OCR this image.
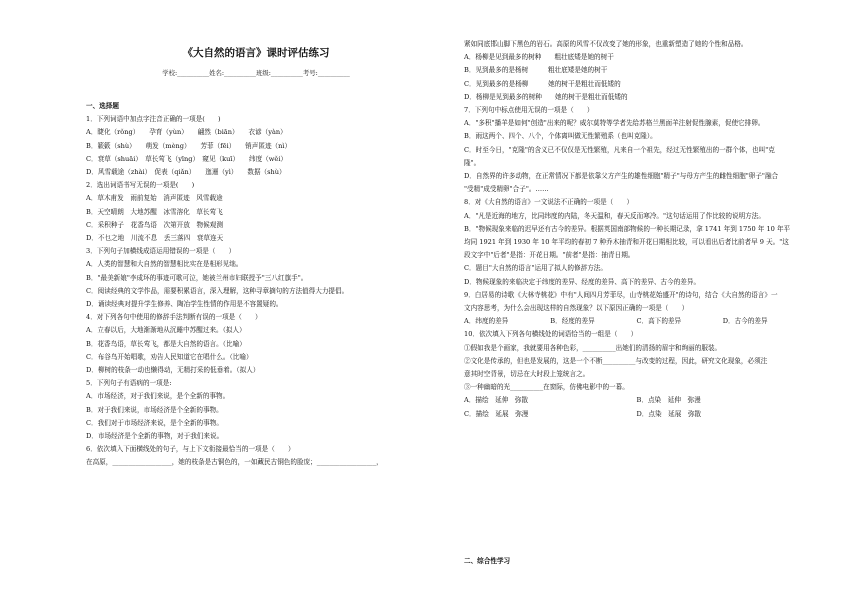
《大自然的语言》课时评估练习
学校:__________姓名:__________班级:__________考号:__________
一、选择题
1．下列词语中加点字注音正确的一项是(　　)
A．睫化（rǒng）　　孕育（yùn）　　翩然（biān）　　衣谚（yàn）
B．簌簌（shù）　　萌发（mèng）　　芳菲（fēi）　　销声匿迹（nì）
C．衰草（shuāi）　草长莺飞（yīng）　窥见（kuī）　　纬度（wěi）
D．风雪载途（zhài）　促表（qiǎn）　　迤逦（yì）　　数据（shù）
2．选出词语书写无误的一项是(　　)
A．草木甫发　雨前复始　消声匿迹　风雪载途
B．天空晴朗　大地苏醒　冰雪溶化　草长莺飞
C．采积种子　花香鸟语　次第开放　物候观测
D．不乜之地　川流不息　丢三落四　衰草连天
3．下列句子加横线成语运用错误的一项是（　　）
A．人类的智慧和大自然的智慧相比实在是相形见绌。
B．"最美新娘"李成环的事迹可歌可泣，她被兰州市妇联授予"三八红旗手"。
C．阅读经典的文学作品，需要积累语言，深入理解，这种寻章摘句的方法值得大力提倡。
D．诵读经典对提升学生修养、陶冶学生性情的作用是不容置疑的。
4．对下列各句中使用的修辞手法判断有误的一项是（　　）
A．立春以后，大地渐渐地从沉睡中苏醒过来。（拟人）
B．花香鸟语，草长莺飞，都是大自然的语言。（比喻）
C．布谷鸟开始唱歌，劝告人民知道它在唱什么。（比喻）
D．柳树的枝条一动也懒得动，无精打采的低垂着。（拟人）
5．下列句子有语病的一项是:
A．市场经济，对于我们来说，是个全新的事物。
B．对于我们来说，市场经济是个全新的事物。
C．我们对于市场经济来说，是个全新的事物。
D．市场经济是个全新的事物，对于我们来说。
6．依次填入下面横线处的句子，与上下文衔接最恰当的一项是（　　）
在高原，__________________，她的枝条是古铜色的，一如藏民古铜色的脸庞；__________________，
紧如同底邯山脚下黑色的岩石。高原的风雪不仅改变了她的形象，也重新塑造了她的个性和品格。
A．杨柳是见到最多的树种　　粗壮底矮是她的树干
B．见到最多的是杨树　　　粗壮底矮是她的树干
C．见到最多的是杨柳　　　她的树干是粗壮而低矮的
D．杨柳是见到最多的树种　　她的树干是粗壮而低矮的
7．下列句中标点使用无误的一项是（　　）
A．"多积"播羊是如何"创造"出来的呢？威尔莫特等学者先给苏格兰黑面羊注射促性腺素，促使它排卵。
B．雨这两个、四个、八个，个体离叫做无性繁殖系（也叫克隆）。
C．时至今日，"克隆"的含义已不仅仅是无性繁殖，凡来自一个祖先，经过无性繁殖出的一群个体，也叫"克
隆"。
D．自然界的许多动物，在正常情况下都是依靠父方产生的雄性细胞"精子"与母方产生的雌性细胞"卵子"融合
"受精"成受精卵"合子"。……
8．对《大自然的语言》一文说法不正确的一项是（　　）
A．"凡是近海的地方，比同纬度的内陆，冬天温和，春天反而寒冷。"这句话运用了作比较的说明方法。
B．"物候现象来临的迟早还有古今的差异。根据英国南部物候的一种长期记录，拿 1741 年到 1750 年 10 年平
均同 1921 年到 1930 年 10 年平均的春初 7 种乔木抽青和开花日期相比较，可以看出后者比前者早 9 天。"这
段文字中"后者"是指：开花日期。"前者"是指：抽青日期。
C．题目"大自然的语言"运用了拟人的修辞方法。
D．物候现象的来临决定于纬度的差异、经度的差异、高下的差异、古今的差异。
9．白居易的诗歌《大林寺桃花》中有"人间四月芳菲尽，山寺桃花始盛开"的诗句，结合《大自然的语言》一
文内容思考，为什么会出现这样的自然现象？以下原因正确的一项是（　　）
A．纬度的差异	B．经度的差异	C．高下的差异	D．古今的差异
10．依次填入下列各句横线处的词语恰当的一组是（　　）
①假如我是个画家，我就要用各种色彩，__________出她们的清扬的眉宇和绚丽的服装。
②文化是传承的，但也是发展的，这是一个不断__________与改变的过程，因此，研究文化现象，必须注
意其时空背景，切忌在大时段上笼统言之。
③一种幽暗的光__________在窗际，仿佛电影中的一幕。
A．描绘　延伸　弥散	B．点染　延伸　弥漫
C．描绘　延展　弥漫	D．点染　延展　弥散
二、综合性学习
